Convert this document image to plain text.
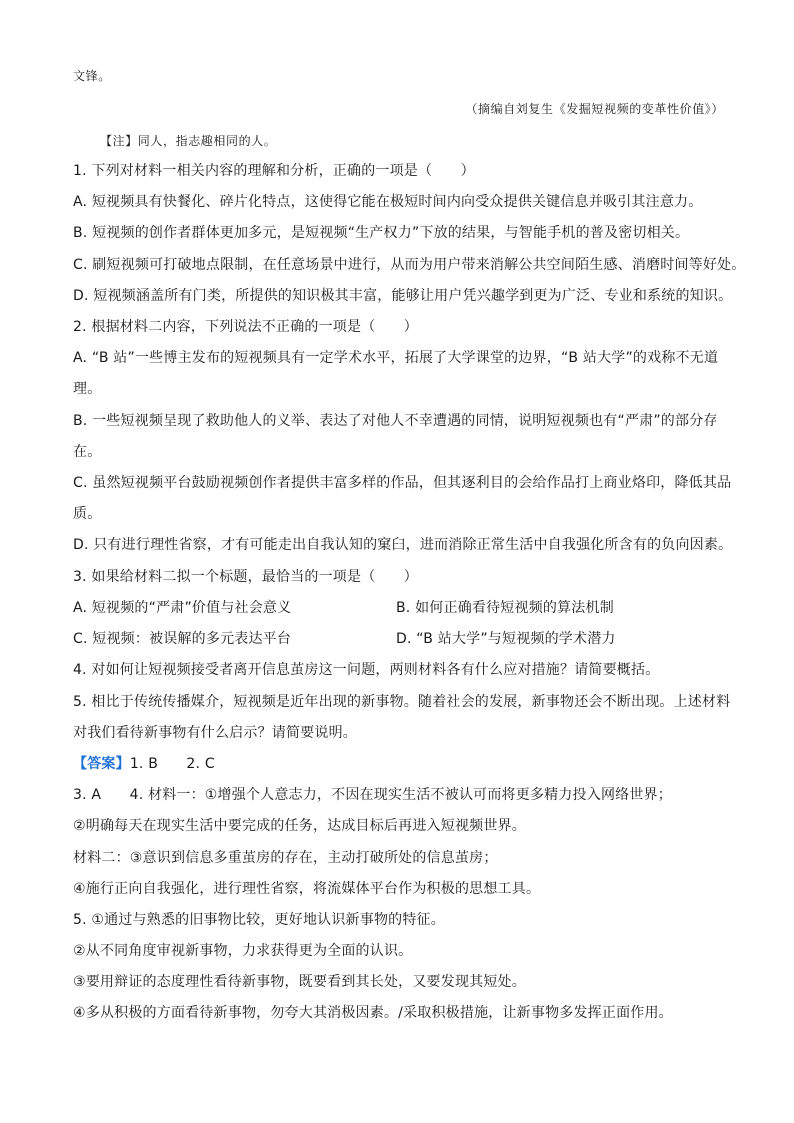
文锋。
（摘编自刘复生《发掘短视频的变革性价值》）
【注】同人，指志趣相同的人。
1. 下列对材料一相关内容的理解和分析，正确的一项是（　　）
A. 短视频具有快餐化、碎片化特点，这使得它能在极短时间内向受众提供关键信息并吸引其注意力。
B. 短视频的创作者群体更加多元，是短视频“生产权力”下放的结果，与智能手机的普及密切相关。
C. 刷短视频可打破地点限制，在任意场景中进行，从而为用户带来消解公共空间陌生感、消磨时间等好处。
D. 短视频涵盖所有门类，所提供的知识极其丰富，能够让用户凭兴趣学到更为广泛、专业和系统的知识。
2. 根据材料二内容，下列说法不正确的一项是（　　）
A. “B 站”一些博主发布的短视频具有一定学术水平，拓展了大学课堂的边界，“B 站大学”的戏称不无道
理。
B. 一些短视频呈现了救助他人的义举、表达了对他人不幸遭遇的同情，说明短视频也有“严肃”的部分存
在。
C. 虽然短视频平台鼓励视频创作者提供丰富多样的作品，但其逐利目的会给作品打上商业烙印，降低其品
质。
D. 只有进行理性省察，才有可能走出自我认知的窠臼，进而消除正常生活中自我强化所含有的负向因素。
3. 如果给材料二拟一个标题，最恰当的一项是（　　）
A. 短视频的“严肃”价值与社会意义	B. 如何正确看待短视频的算法机制
C. 短视频：被误解的多元表达平台	D. “B 站大学”与短视频的学术潜力
4. 对如何让短视频接受者离开信息茧房这一问题，两则材料各有什么应对措施？请简要概括。
5. 相比于传统传播媒介，短视频是近年出现的新事物。随着社会的发展，新事物还会不断出现。上述材料
对我们看待新事物有什么启示？请简要说明。
【答案】1. B　　2. C
3. A　　4. 材料一：①增强个人意志力，不因在现实生活不被认可而将更多精力投入网络世界；
②明确每天在现实生活中要完成的任务，达成目标后再进入短视频世界。
材料二：③意识到信息多重茧房的存在，主动打破所处的信息茧房；
④施行正向自我强化，进行理性省察，将流媒体平台作为积极的思想工具。
5. ①通过与熟悉的旧事物比较，更好地认识新事物的特征。
②从不同角度审视新事物，力求获得更为全面的认识。
③要用辩证的态度理性看待新事物，既要看到其长处，又要发现其短处。
④多从积极的方面看待新事物，勿夸大其消极因素。/采取积极措施，让新事物多发挥正面作用。
